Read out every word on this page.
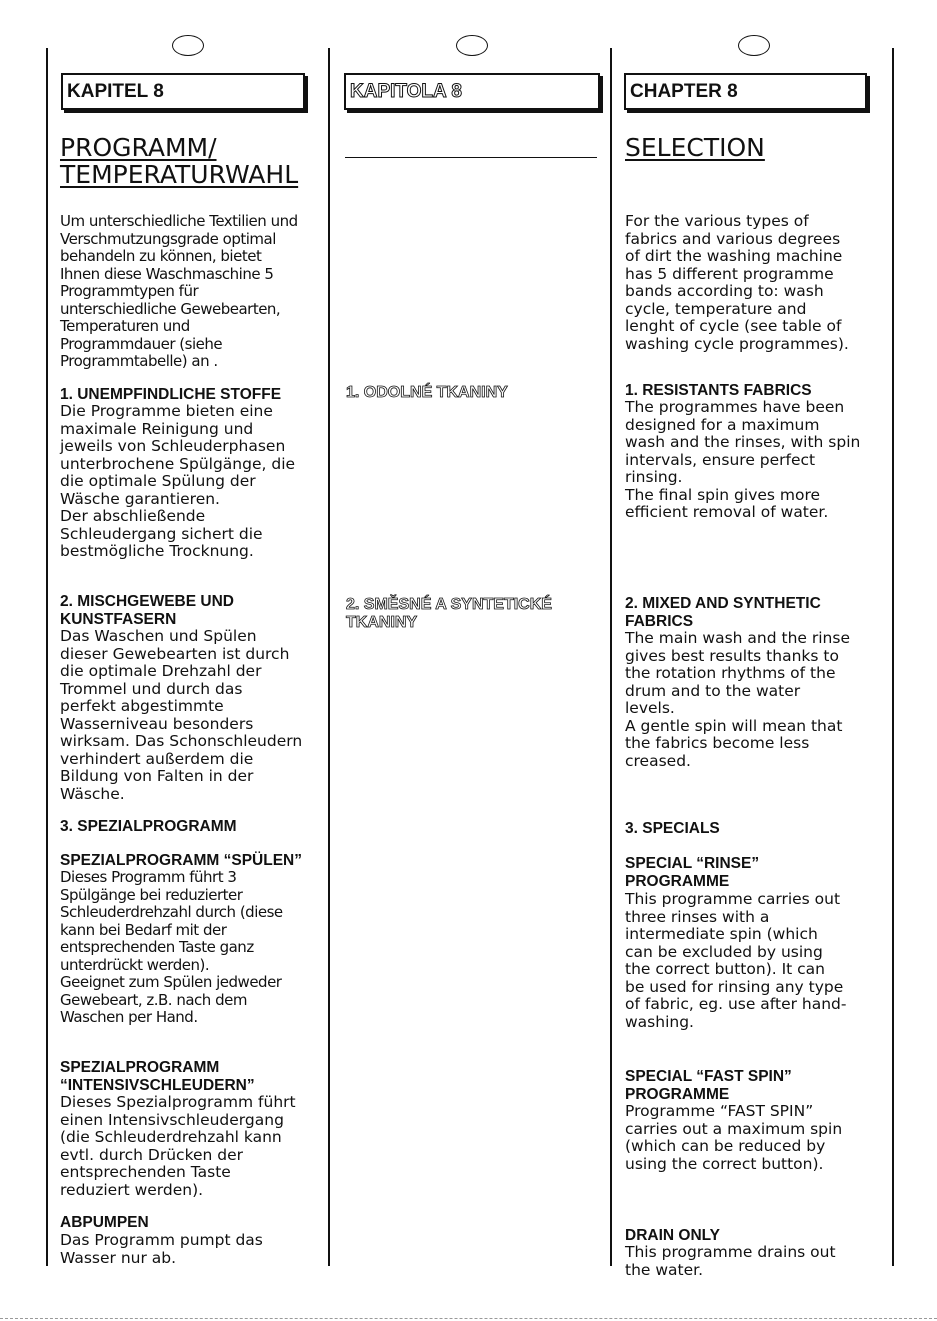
KAPITEL 8
PROGRAMM/
TEMPERATURWAHL

Um unterschiedliche Textilien und
Verschmutzungsgrade optimal
behandeln zu können, bietet
Ihnen diese Waschmaschine 5
Programmtypen für
unterschiedliche Gewebearten,
Temperaturen und
Programmdauer (siehe
Programmtabelle) an .

1. UNEMPFINDLICHE STOFFE

Die Programme bieten eine
maximale Reinigung und
jeweils von Schleuderphasen
unterbrochene Spülgänge, die
die optimale Spülung der
Wäsche garantieren.
Der abschließende
Schleudergang sichert die
bestmögliche Trocknung.

2. MISCHGEWEBE UND
KUNSTFASERN

Das Waschen und Spülen
dieser Gewebearten ist durch
die optimale Drehzahl der
Trommel und durch das
perfekt abgestimmte
Wasserniveau besonders
wirksam. Das Schonschleudern
verhindert außerdem die
Bildung von Falten in der
Wäsche.

3. SPEZIALPROGRAMM

SPEZIALPROGRAMM “SPÜLEN”

Dieses Programm führt 3
Spülgänge bei reduzierter
Schleuderdrehzahl durch (diese
kann bei Bedarf mit der
entsprechenden Taste ganz
unterdrückt werden).
Geeignet zum Spülen jedweder
Gewebeart, z.B. nach dem
Waschen per Hand.

SPEZIALPROGRAMM
“INTENSIVSCHLEUDERN”

Dieses Spezialprogramm führt
einen Intensivschleudergang
(die Schleuderdrehzahl kann
evtl. durch Drücken der
entsprechenden Taste
reduziert werden).

ABPUMPEN

Das Programm pumpt das
Wasser nur ab.

KAPITOLA 8

1. ODOLNÉ TKANINY

2. SMĚSNÉ A SYNTETICKÉ
TKANINY

CHAPTER 8
SELECTION

For the various types of
fabrics and various degrees
of dirt the washing machine
has 5 different programme
bands according to: wash
cycle, temperature and
lenght of cycle (see table of
washing cycle programmes).

1. RESISTANTS FABRICS

The programmes have been
designed for a maximum
wash and the rinses, with spin
intervals, ensure perfect
rinsing.
The final spin gives more
efficient removal of water.

2. MIXED AND SYNTHETIC
FABRICS

The main wash and the rinse
gives best results thanks to
the rotation rhythms of the
drum and to the water
levels.
A gentle spin will mean that
the fabrics become less
creased.

3. SPECIALS

SPECIAL “RINSE”
PROGRAMME

This programme carries out
three rinses with a
intermediate spin (which
can be excluded by using
the correct button). It can
be used for rinsing any type
of fabric, eg. use after hand-
washing.

SPECIAL “FAST SPIN”
PROGRAMME

Programme “FAST SPIN”
carries out a maximum spin
(which can be reduced by
using the correct button).

DRAIN ONLY

This programme drains out
the water.
